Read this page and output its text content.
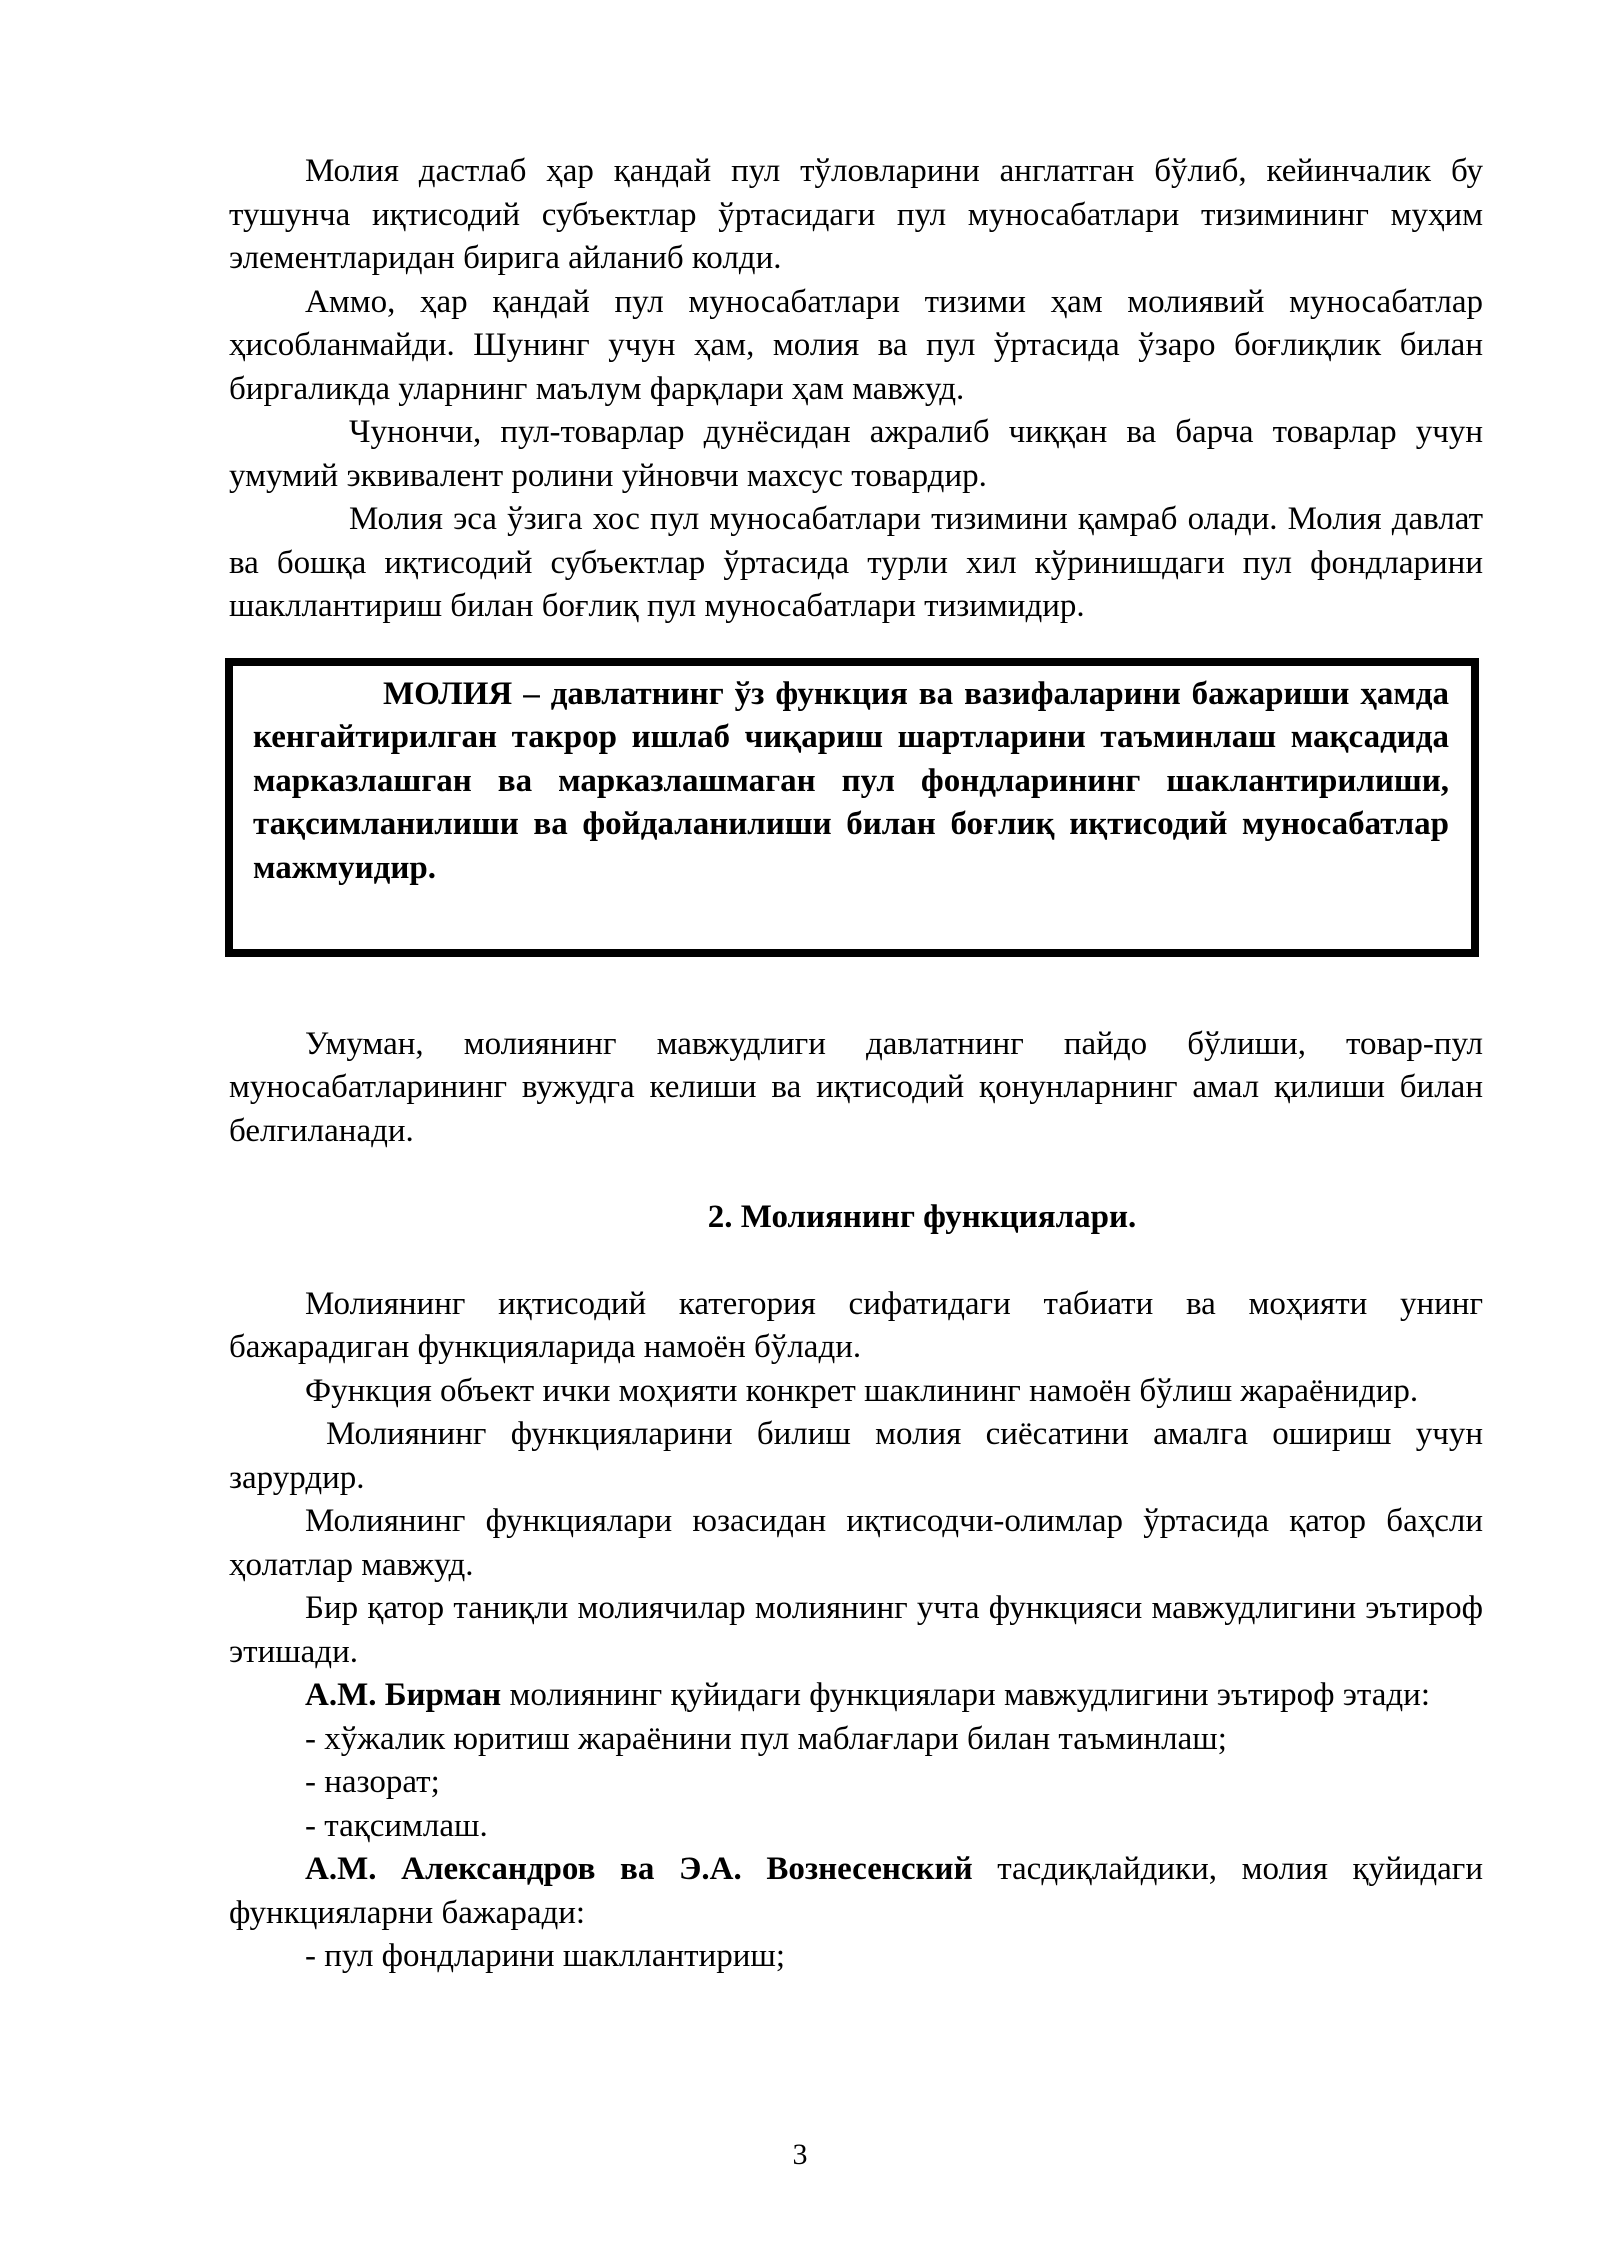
Молия дастлаб ҳар қандай пул тўловларини англатган бўлиб, кейинчалик бу тушунча иқтисодий субъектлар ўртасидаги пул муносабатлари тизимининг муҳим элементларидан бирига айланиб колди.

Аммо, ҳар қандай пул муносабатлари тизими ҳам молиявий муносабатлар ҳисобланмайди. Шунинг учун ҳам, молия ва пул ўртасида ўзаро боғлиқлик билан биргаликда уларнинг маълум фарқлари ҳам мавжуд.

Чунончи, пул-товарлар дунёсидан ажралиб чиққан ва барча товарлар учун умумий эквивалент ролини уйновчи махсус товардир.

Молия эса ўзига хос пул муносабатлари тизимини қамраб олади. Молия давлат ва бошқа иқтисодий субъектлар ўртасида турли хил кўринишдаги пул фондларини шакллантириш билан боғлиқ пул муносабатлари тизимидир.

МОЛИЯ – давлатнинг ўз функция ва вазифаларини бажариши ҳамда кенгайтирилган такрор ишлаб чиқариш шартларини таъминлаш мақсадида марказлашган ва марказлашмаган пул фондларининг шаклантирилиши, тақсимланилиши ва фойдаланилиши билан боғлиқ иқтисодий муносабатлар мажмуидир.

Умуман, молиянинг мавжудлиги давлатнинг пайдо бўлиши, товар-пул муносабатларининг вужудга келиши ва иқтисодий қонунларнинг амал қилиши билан белгиланади.

2. Молиянинг функциялари.

Молиянинг иқтисодий категория сифатидаги табиати ва моҳияти унинг бажарадиган функцияларида намоён бўлади.

Функция объект ички моҳияти конкрет шаклининг намоён бўлиш жараёнидир.

Молиянинг функцияларини билиш молия сиёсатини амалга ошириш учун зарурдир.

Молиянинг функциялари юзасидан иқтисодчи-олимлар ўртасида қатор баҳсли ҳолатлар мавжуд.

Бир қатор таниқли молиячилар молиянинг учта функцияси мавжудлигини эътироф этишади.

А.М. Бирман молиянинг қуйидаги функциялари мавжудлигини эътироф этади:

- хўжалик юритиш жараёнини пул маблағлари билан таъминлаш;

- назорат;

- тақсимлаш.

А.М. Александров ва Э.А. Вознесенский тасдиқлайдики, молия қуйидаги функцияларни бажаради:

- пул фондларини шакллантириш;

3
